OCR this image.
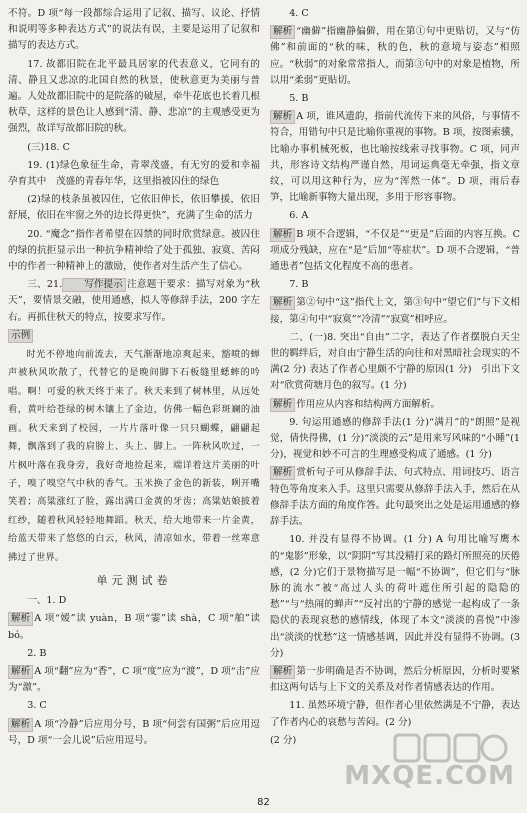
不符。D 项“每一段都综合运用了记叙、描写、议论、抒情和说明等多种表达方式”的说法有误，主要是运用了记叙和描写的表达方式。

17. 故都旧院在北平最具居家的代表意义，它同有的清、静且又悲凉的北国自然的秋景，使秋意更为美丽与普遍。人处故都旧院中的是院落的破屋，牵牛花底也长着几根秋草，这样的景色让人感到“清、静、悲凉”的主观感受更为强烈，故详写故都旧院的秋。

(三)18. C

19. (1)绿色象征生命，青翠茂盛，有无穷的爱和幸福孕育其中　茂盛的青春年华，这里指被囚住的绿色

(2)绿的枝条虽被囚住，它依旧伸长，依旧攀援，依旧舒展，依旧在牢窗之外的边长得更快”，充满了生命的活力

20. “魔念”指作者希望在囚禁的同时欣赏绿意。被囚住的绿的抗拒显示出一种抗争精神给了处于孤独、寂寞、苦闷中的作者一种精神上的激励，使作者对生活产生了信心。

三、21. 写作提示 注意题干要求：描写对象为“秋天”，要情景交融，使用通感，拟人等修辞手法，200 字左右。再抓住秋天的特点，按要求写作。

示例

时光不停地向前流去，天气渐渐地凉爽起来，豁喷的蝉声被秋风吹散了，代替它的是晚间脚下石板缝里蟋蟀的吟唱。啊！可爱的秋天终于来了。秋天来到了树林里，从远处看，黄叶给苍绿的树木镶上了金边，仿佛一幅色彩斑斓的油画。秋天来到了校园，一片片落叶像一只只蝴蝶，翩翩起舞，飘落到了我的肩膀上、头上、脚上。一阵秋风吹过，一片枫叶落在我身旁，我好奇地捡起来，端详着这片美丽的叶子，嗅了嗅空气中秋的香气。玉米换了金色的新装，咧开嘴笑着；高粱涨红了脸，露出满口金黄的牙齿；高粱姑娘披着红纱，随着秋风轻轻地舞蹈。秋天，给大地带来一片金黄，给蓝天带来了悠悠的白云，秋风，清凉如水，带着一丝寒意拂过了世界。

单元测试卷

一、1. D

解析 A 项“嫒”读 yuàn，B 项“霎”读 shà，C 项“舶”读 bó。

2. B

解析 A 项“翻”应为“香”，C 项“度”应为“渡”，D 项“击”应为“激”。

3. C

解析 A 项“冷静”后应用分号，B 项“何尝有国粥”后应用逗号，D 项“一会儿说”后应用逗号。

4. C

解析 “幽僻”指幽静偏僻，用在第①句中更贴切，又与“仿佛”和前面的“秋的味，秋的色，秋的意境与姿态”相照应。“秋弱”的对象常常指人，而第③句中的对象是植物，所以用“柔弱”更贴切。

5. B

解析 A 项，谁风遗韵，指前代流传下来的风俗，与事情不符合，用错句中只是比喻你重视的事物。B 项，按图索骥，比喻办事机械死板，也比喻按线索寻找事物。C 项，同声共，形容诗文结构严谨自然，用词运典毫无牵强，指文章纹，可以用这种行为，应为“浑然一体”。D 项，雨后春笋，比喻新事物大量出现，多用于形容事物。

6. A

解析 B 项不合逻辑，“不仅是”“更是”后面的内容互换。C 项成分残缺，应在“是”后加“等症状”。D 项不合逻辑，“普通患者”包括文化程度不高的患者。

7. B

解析 第②句中“这”指代上文，第③句中“望它们”与下文相接，第④句中“寂寞”“冷清”“寂寞”相呼应。

二、(一)8. 突出“自由”二字，表达了作者摆脱白天尘世的羁绊后，对自由宁静生活的向往和对黑暗社会现实的不满(2 分) 表达了作者心里颇不宁静的原因(1 分)　引出下文对“欣赏荷塘月色的叙写。(1 分)

解析 作用应从内容和结构两方面解析。

9. 句运用通感的修辞手法(1 分)“满月”的“朗照”是视觉，倩快得佛，(1 分)“淡淡的云”是用来写风味的“小睡”(1 分)，视觉和妙不可言的生理感受构成了通感。(1 分)

解析 赏析句子可从修辞手法、句式特点、用词技巧、语言特色等角度来入手。这里只需要从修辞手法入手，然后在从修辞手法方面的角度作答。此句最突出之处是运用通感的修辞手法。

10. 并没有显得不协调。(1 分) A 句用比喻写鹰木的“鬼影”形象，以“阴阴”写其没精打采的路灯所照亮的厌倦感，(2 分)它们于景物描写是一幅“不协调”，但它们与“脉脉的流水”被“高过人头的荷叶遮住所引起的隐隐的愁”“与“热闹的蝉声”“反衬出的宁静的感觉一起构成了一条隐伏的表现哀愁的感情线，体现了本文“淡淡的喜悦”中渗出“淡淡的忧愁”这一情感基调，因此并没有显得不协调。(3 分)

解析 第一步明确是否不协调，然后分析原因，分析时要紧扣这两句话与上下文的关系及对作者情感表达的作用。

11. 虽然环境宁静，但作者心里依然满是不宁静，表达了作者内心的哀愁与苦闷。(2 分)

(2 分)

MXQE.COM
82
